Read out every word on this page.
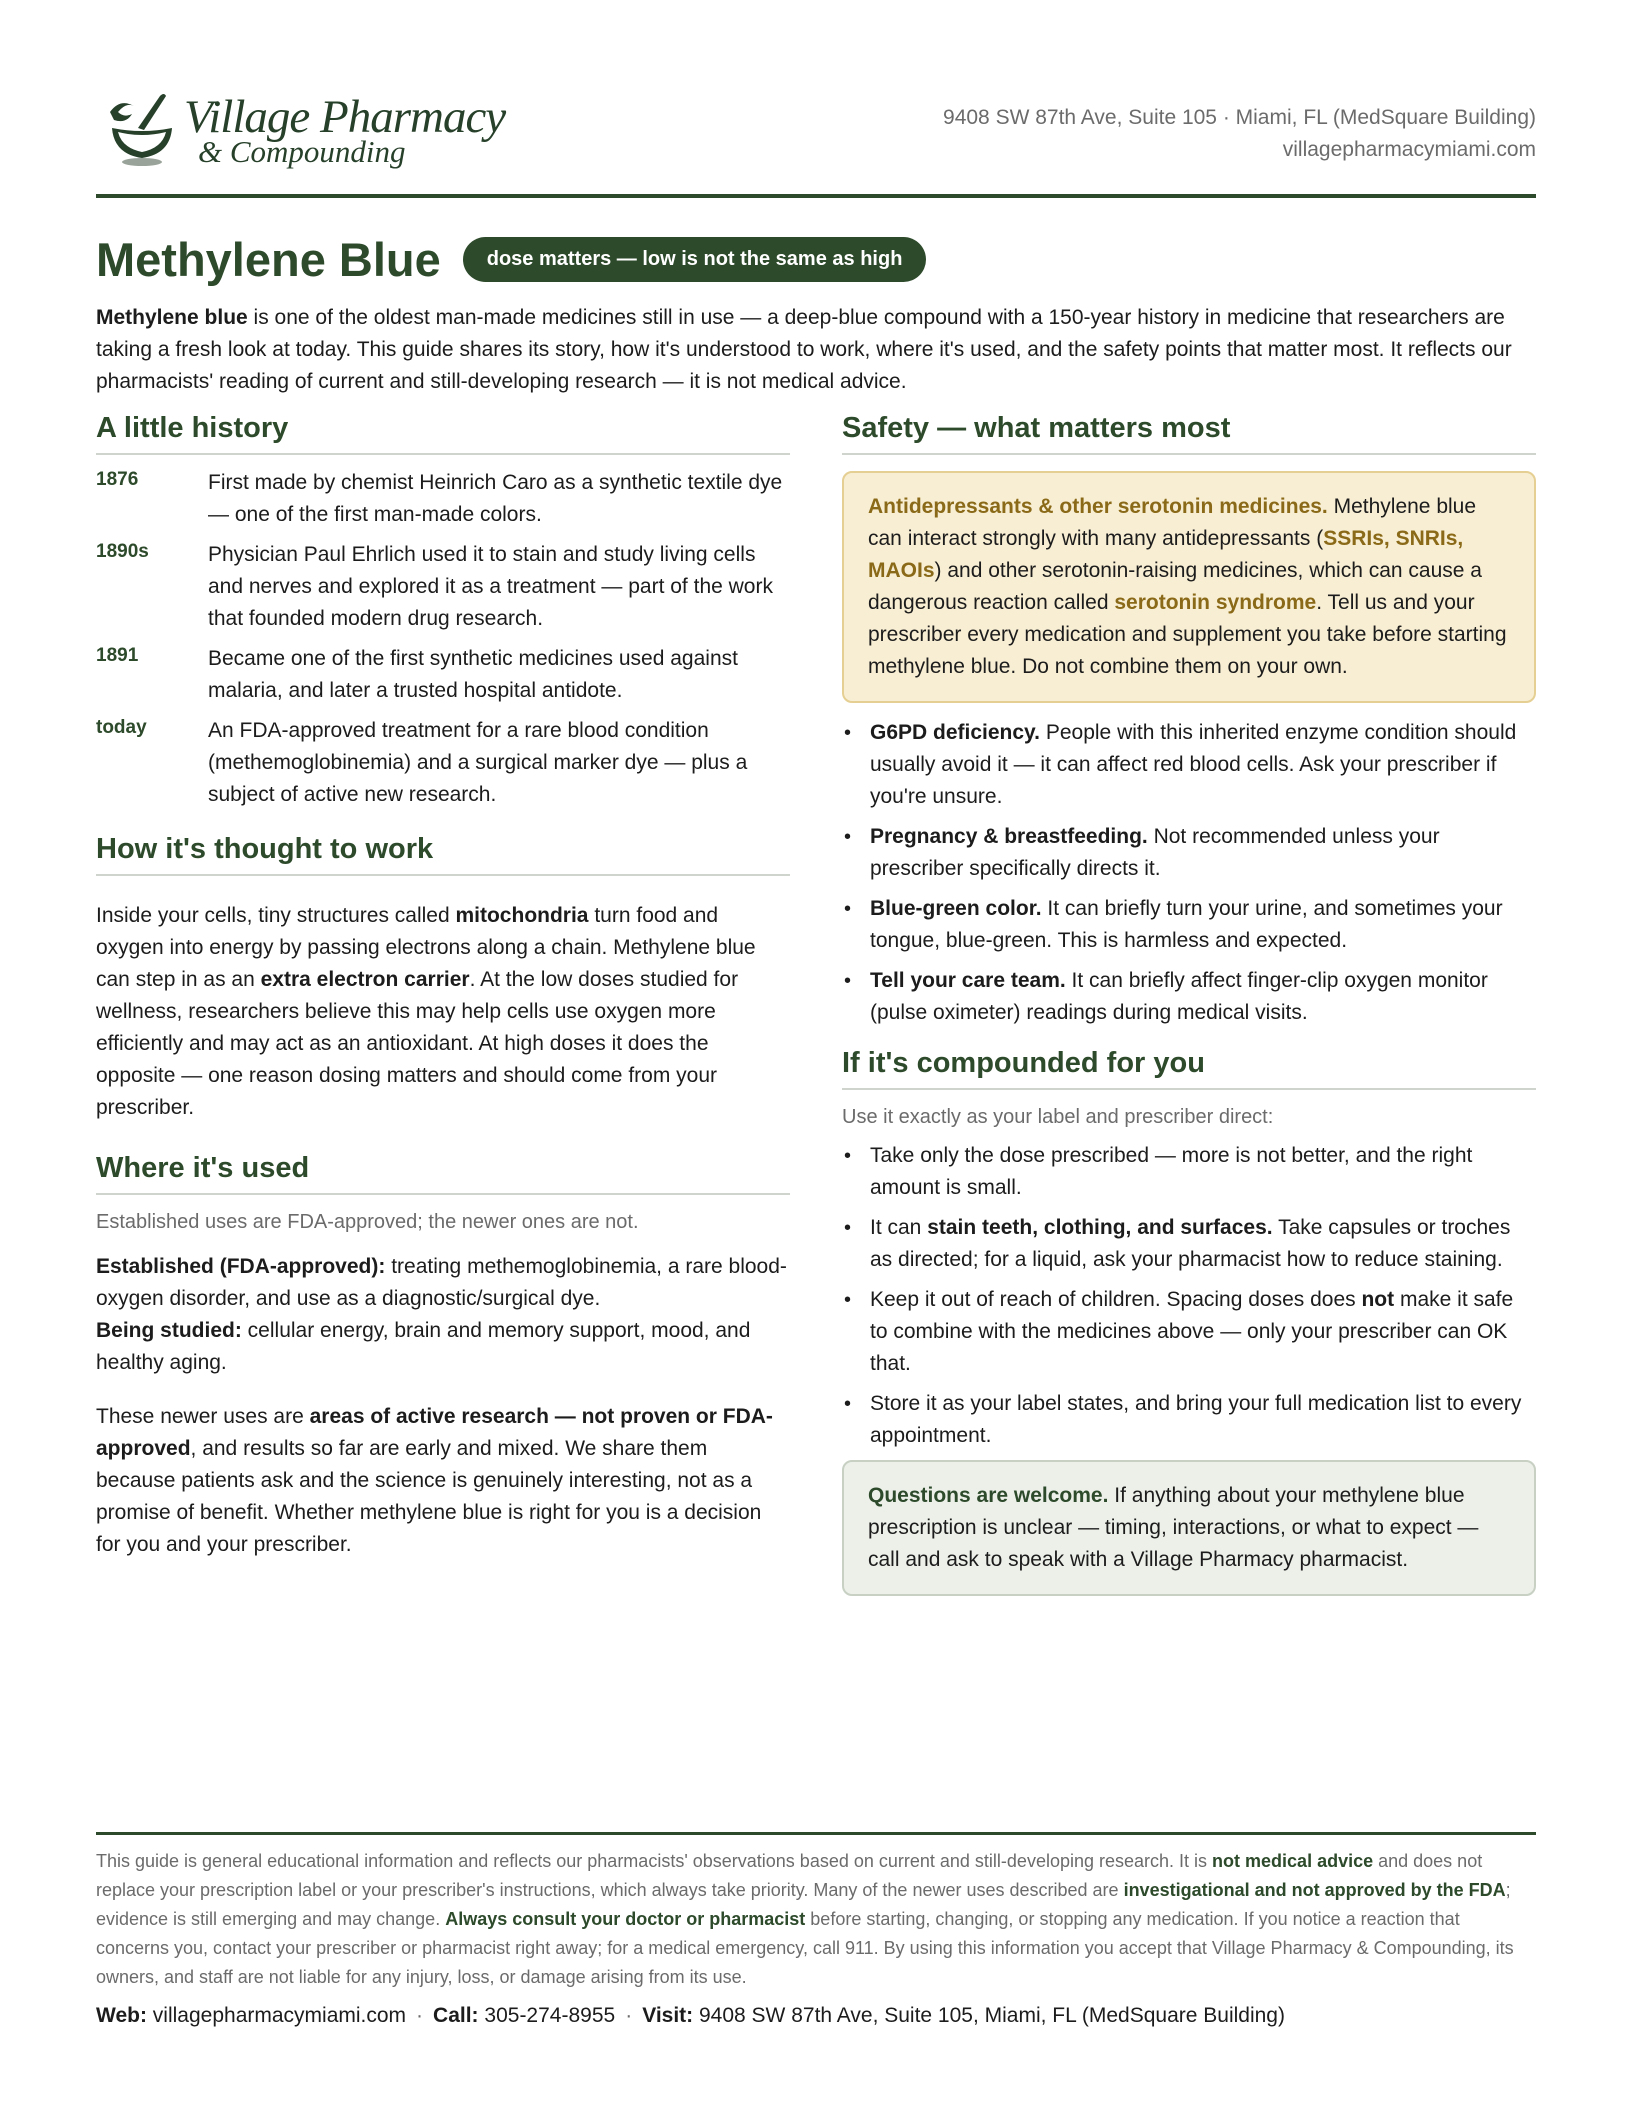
Village Pharmacy
& Compounding
9408 SW 87th Ave, Suite 105 · Miami, FL (MedSquare Building)
villagepharmacymiami.com
Methylene Blue	dose matters — low is not the same as high

Methylene blue is one of the oldest man-made medicines still in use — a deep-blue compound with a 150-year history in medicine that researchers are taking a fresh look at today. This guide shares its story, how it's understood to work, where it's used, and the safety points that matter most. It reflects our pharmacists' reading of current and still-developing research — it is not medical advice.

A little history
1876	First made by chemist Heinrich Caro as a synthetic textile dye — one of the first man-made colors.
1890s	Physician Paul Ehrlich used it to stain and study living cells and nerves and explored it as a treatment — part of the work that founded modern drug research.
1891	Became one of the first synthetic medicines used against malaria, and later a trusted hospital antidote.
today	An FDA-approved treatment for a rare blood condition (methemoglobinemia) and a surgical marker dye — plus a subject of active new research.
How it's thought to work

Inside your cells, tiny structures called mitochondria turn food and oxygen into energy by passing electrons along a chain. Methylene blue can step in as an extra electron carrier. At the low doses studied for wellness, researchers believe this may help cells use oxygen more efficiently and may act as an antioxidant. At high doses it does the opposite — one reason dosing matters and should come from your prescriber.

Where it's used

Established uses are FDA-approved; the newer ones are not.

Established (FDA-approved): treating methemoglobinemia, a rare blood-oxygen disorder, and use as a diagnostic/surgical dye.
Being studied: cellular energy, brain and memory support, mood, and healthy aging.

These newer uses are areas of active research — not proven or FDA-approved, and results so far are early and mixed. We share them because patients ask and the science is genuinely interesting, not as a promise of benefit. Whether methylene blue is right for you is a decision for you and your prescriber.

Safety — what matters most
Antidepressants & other serotonin medicines. Methylene blue can interact strongly with many antidepressants (SSRIs, SNRIs, MAOIs) and other serotonin-raising medicines, which can cause a dangerous reaction called serotonin syndrome. Tell us and your prescriber every medication and supplement you take before starting methylene blue. Do not combine them on your own.
• G6PD deficiency. People with this inherited enzyme condition should usually avoid it — it can affect red blood cells. Ask your prescriber if you're unsure.
• Pregnancy & breastfeeding. Not recommended unless your prescriber specifically directs it.
• Blue-green color. It can briefly turn your urine, and sometimes your tongue, blue-green. This is harmless and expected.
• Tell your care team. It can briefly affect finger-clip oxygen monitor (pulse oximeter) readings during medical visits.
If it's compounded for you

Use it exactly as your label and prescriber direct:

• Take only the dose prescribed — more is not better, and the right amount is small.
• It can stain teeth, clothing, and surfaces. Take capsules or troches as directed; for a liquid, ask your pharmacist how to reduce staining.
• Keep it out of reach of children. Spacing doses does not make it safe to combine with the medicines above — only your prescriber can OK that.
• Store it as your label states, and bring your full medication list to every appointment.
Questions are welcome. If anything about your methylene blue prescription is unclear — timing, interactions, or what to expect — call and ask to speak with a Village Pharmacy pharmacist.

This guide is general educational information and reflects our pharmacists' observations based on current and still-developing research. It is not medical advice and does not replace your prescription label or your prescriber's instructions, which always take priority. Many of the newer uses described are investigational and not approved by the FDA; evidence is still emerging and may change. Always consult your doctor or pharmacist before starting, changing, or stopping any medication. If you notice a reaction that concerns you, contact your prescriber or pharmacist right away; for a medical emergency, call 911. By using this information you accept that Village Pharmacy & Compounding, its owners, and staff are not liable for any injury, loss, or damage arising from its use.

Web: villagepharmacymiami.com · Call: 305-274-8955 · Visit: 9408 SW 87th Ave, Suite 105, Miami, FL (MedSquare Building)
